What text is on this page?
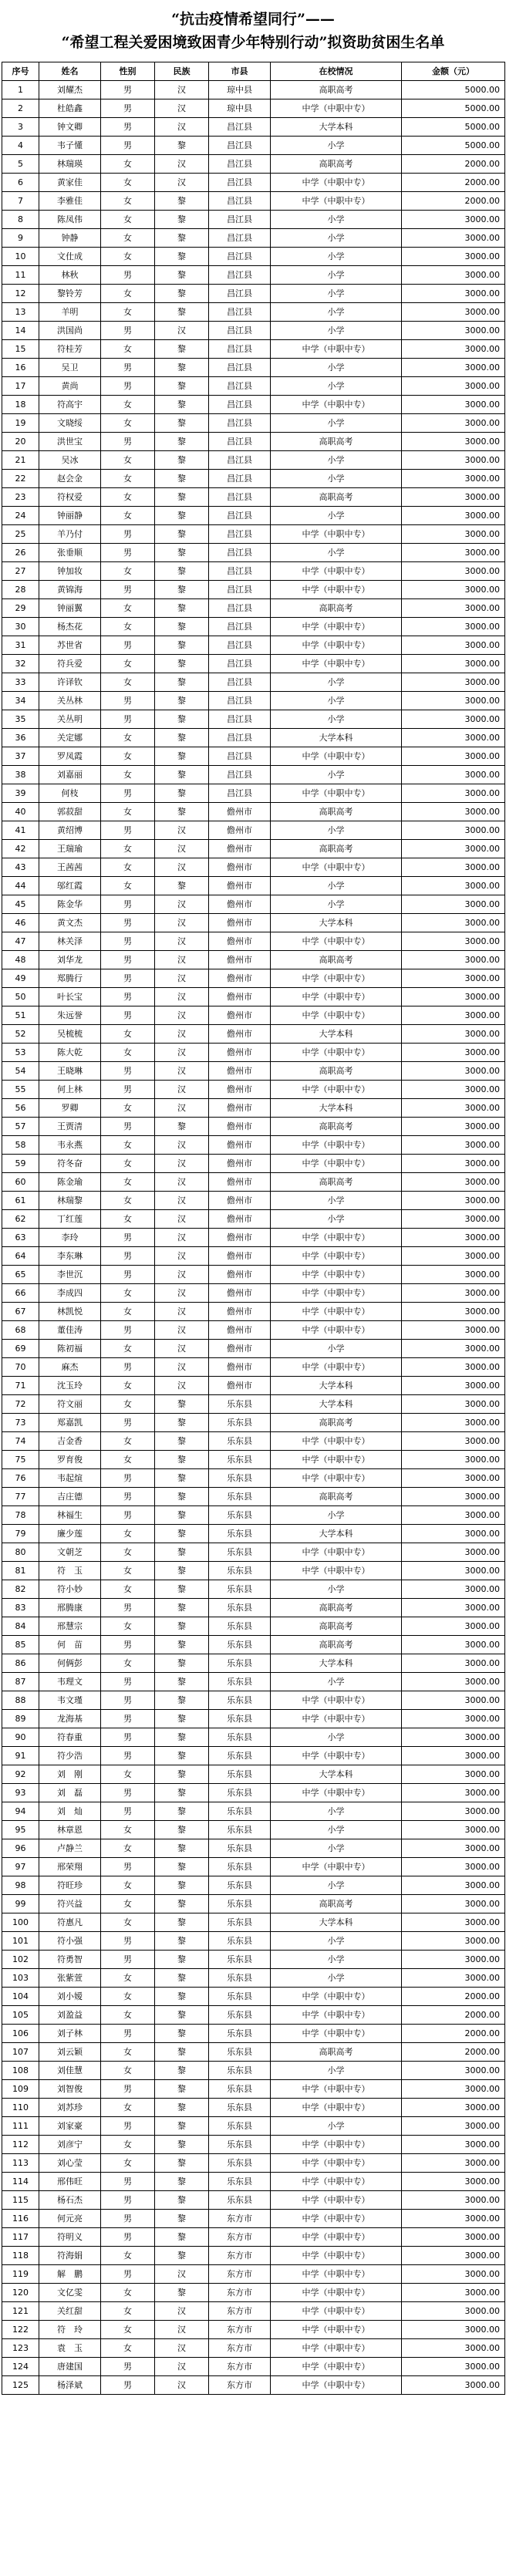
“抗击疫情希望同行”——
“希望工程关爱困境致困青少年特别行动”拟资助贫困生名单
序号	姓名	性别	民族	市县	在校情况	金额（元）
1	刘耀杰	男	汉	琼中县	高职高考	5000.00
2	杜皓鑫	男	汉	琼中县	中学（中职中专）	5000.00
3	钟文卿	男	汉	昌江县	大学本科	5000.00
4	韦子懂	男	黎	昌江县	小学	5000.00
5	林瑞瑛	女	汉	昌江县	高职高考	2000.00
6	黄家佳	女	汉	昌江县	中学（中职中专）	2000.00
7	李雅佳	女	黎	昌江县	中学（中职中专）	2000.00
8	陈凤伟	女	黎	昌江县	小学	3000.00
9	钟静	女	黎	昌江县	小学	3000.00
10	文仕成	女	黎	昌江县	小学	3000.00
11	林秋	男	黎	昌江县	小学	3000.00
12	黎铃芳	女	黎	昌江县	小学	3000.00
13	羊明	女	黎	昌江县	小学	3000.00
14	洪国尚	男	汉	昌江县	小学	3000.00
15	符桂芳	女	黎	昌江县	中学（中职中专）	3000.00
16	吴卫	男	黎	昌江县	小学	3000.00
17	黄尚	男	黎	昌江县	小学	3000.00
18	符高宇	女	黎	昌江县	中学（中职中专）	3000.00
19	文晓绥	女	黎	昌江县	小学	3000.00
20	洪世宝	男	黎	昌江县	高职高考	3000.00
21	吴冰	女	黎	昌江县	小学	3000.00
22	赵会金	女	黎	昌江县	小学	3000.00
23	符权爱	女	黎	昌江县	高职高考	3000.00
24	钟丽静	女	黎	昌江县	小学	3000.00
25	羊乃付	男	黎	昌江县	中学（中职中专）	3000.00
26	张垂顺	男	黎	昌江县	小学	3000.00
27	钟加妆	女	黎	昌江县	中学（中职中专）	3000.00
28	黄锦海	男	黎	昌江县	中学（中职中专）	3000.00
29	钟丽翼	女	黎	昌江县	高职高考	3000.00
30	杨杰花	女	黎	昌江县	中学（中职中专）	3000.00
31	苏世省	男	黎	昌江县	中学（中职中专）	3000.00
32	符兵爱	女	黎	昌江县	中学（中职中专）	3000.00
33	许译钦	女	黎	昌江县	小学	3000.00
34	关丛林	男	黎	昌江县	小学	3000.00
35	关丛明	男	黎	昌江县	小学	3000.00
36	关定娜	女	黎	昌江县	大学本科	3000.00
37	罗凤霞	女	黎	昌江县	中学（中职中专）	3000.00
38	刘嘉丽	女	黎	昌江县	小学	3000.00
39	何枝	男	黎	昌江县	中学（中职中专）	3000.00
40	郭菽甜	女	黎	儋州市	高职高考	3000.00
41	黄绍博	男	汉	儋州市	小学	3000.00
42	王瑞瑜	女	汉	儋州市	高职高考	3000.00
43	王茜茜	女	汉	儋州市	中学（中职中专）	3000.00
44	邬红霞	女	黎	儋州市	小学	3000.00
45	陈金华	男	汉	儋州市	小学	3000.00
46	黄文杰	男	汉	儋州市	大学本科	3000.00
47	林关泽	男	汉	儋州市	中学（中职中专）	3000.00
48	刘华龙	男	汉	儋州市	高职高考	3000.00
49	郑腾行	男	汉	儋州市	中学（中职中专）	3000.00
50	叶长宝	男	汉	儋州市	中学（中职中专）	3000.00
51	朱远誉	男	汉	儋州市	中学（中职中专）	3000.00
52	吴梳梳	女	汉	儋州市	大学本科	3000.00
53	陈大乾	女	汉	儋州市	中学（中职中专）	3000.00
54	王晓琳	男	汉	儋州市	高职高考	3000.00
55	何上林	男	汉	儋州市	中学（中职中专）	3000.00
56	罗卿	女	汉	儋州市	大学本科	3000.00
57	王贾清	男	黎	儋州市	高职高考	3000.00
58	韦永燕	女	汉	儋州市	中学（中职中专）	3000.00
59	符冬奋	女	汉	儋州市	中学（中职中专）	3000.00
60	陈金瑜	女	汉	儋州市	高职高考	3000.00
61	林瑞黎	女	汉	儋州市	小学	3000.00
62	丁红莲	女	汉	儋州市	小学	3000.00
63	李玲	男	汉	儋州市	中学（中职中专）	3000.00
64	李东琳	男	汉	儋州市	中学（中职中专）	3000.00
65	李世沉	男	汉	儋州市	中学（中职中专）	3000.00
66	李成四	女	汉	儋州市	中学（中职中专）	3000.00
67	林凯悦	女	汉	儋州市	中学（中职中专）	3000.00
68	董佳涛	男	汉	儋州市	中学（中职中专）	3000.00
69	陈初福	女	汉	儋州市	小学	3000.00
70	麻杰	男	汉	儋州市	中学（中职中专）	3000.00
71	沈玉玲	女	汉	儋州市	大学本科	3000.00
72	符文丽	女	黎	乐东县	大学本科	3000.00
73	郑嘉凯	男	黎	乐东县	高职高考	3000.00
74	吉金香	女	黎	乐东县	中学（中职中专）	3000.00
75	罗育俊	女	黎	乐东县	中学（中职中专）	3000.00
76	韦起煊	男	黎	乐东县	中学（中职中专）	3000.00
77	吉庄德	男	黎	乐东县	高职高考	3000.00
78	林福生	男	黎	乐东县	小学	3000.00
79	廉少莲	女	黎	乐东县	大学本科	3000.00
80	文朝芝	女	黎	乐东县	中学（中职中专）	3000.00
81	符　玉	女	黎	乐东县	中学（中职中专）	3000.00
82	符小妙	女	黎	乐东县	小学	3000.00
83	邢腾康	男	黎	乐东县	高职高考	3000.00
84	邢慧宗	女	黎	乐东县	高职高考	3000.00
85	何　苗	男	黎	乐东县	高职高考	3000.00
86	何俩彭	女	黎	乐东县	大学本科	3000.00
87	韦理文	男	黎	乐东县	小学	3000.00
88	韦文瑾	男	黎	乐东县	中学（中职中专）	3000.00
89	龙海基	男	黎	乐东县	中学（中职中专）	3000.00
90	符春重	男	黎	乐东县	小学	3000.00
91	符少浩	男	黎	乐东县	中学（中职中专）	3000.00
92	刘　刚	女	黎	乐东县	大学本科	3000.00
93	刘　磊	男	黎	乐东县	中学（中职中专）	3000.00
94	刘　灿	男	黎	乐东县	小学	3000.00
95	林章恩	女	黎	乐东县	小学	3000.00
96	卢静兰	女	黎	乐东县	小学	3000.00
97	邢荣翔	男	黎	乐东县	中学（中职中专）	3000.00
98	符旺珍	女	黎	乐东县	小学	3000.00
99	符兴益	女	黎	乐东县	高职高考	3000.00
100	符惠凡	女	黎	乐东县	大学本科	3000.00
101	符小强	男	黎	乐东县	小学	3000.00
102	符勇智	男	黎	乐东县	小学	3000.00
103	张紫萱	女	黎	乐东县	小学	3000.00
104	刘小嫒	女	黎	乐东县	中学（中职中专）	2000.00
105	刘盈益	女	黎	乐东县	中学（中职中专）	2000.00
106	刘子林	男	黎	乐东县	中学（中职中专）	2000.00
107	刘云颖	女	黎	乐东县	高职高考	2000.00
108	刘佳慧	女	黎	乐东县	小学	3000.00
109	刘智俊	男	黎	乐东县	中学（中职中专）	3000.00
110	刘苏珍	女	黎	乐东县	中学（中职中专）	3000.00
111	刘家豪	男	黎	乐东县	小学	3000.00
112	刘彦宁	女	黎	乐东县	中学（中职中专）	3000.00
113	刘心莹	女	黎	乐东县	中学（中职中专）	3000.00
114	邢伟旺	男	黎	乐东县	中学（中职中专）	3000.00
115	杨石杰	男	黎	乐东县	中学（中职中专）	3000.00
116	何元亮	男	黎	东方市	中学（中职中专）	3000.00
117	符明义	男	黎	东方市	中学（中职中专）	3000.00
118	符海娟	女	黎	东方市	中学（中职中专）	3000.00
119	解　鹏	男	汉	东方市	中学（中职中专）	3000.00
120	文亿雯	女	黎	东方市	中学（中职中专）	3000.00
121	关红甜	女	汉	东方市	中学（中职中专）	3000.00
122	符　玲	女	汉	东方市	中学（中职中专）	3000.00
123	袁　玉	女	汉	东方市	中学（中职中专）	3000.00
124	唐建国	男	汉	东方市	中学（中职中专）	3000.00
125	杨泽斌	男	汉	东方市	中学（中职中专）	3000.00
